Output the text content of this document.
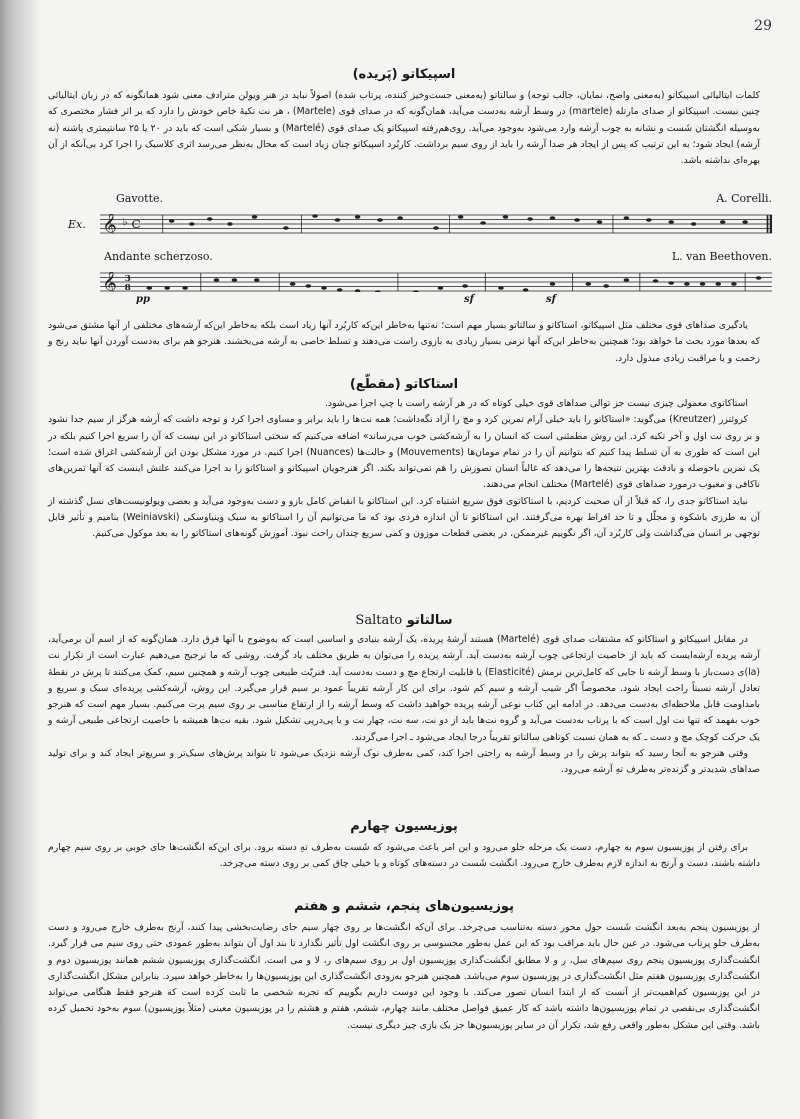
29
اسپیکاتو (پَریده)

کلمات ایتالیائی اسپیکاتو (به‌معنی واضح، نمایان، جالب توجه) و سالتاتو (به‌معنی جست‌وخیز کننده، پرتاب شده) اصولاً نباید در هنر ویولن مترادف معنی شود همانگونه که در زبان ایتالیائی چنین نیست. اسپیکاتو از صدای مارتله (martele) در وسط آرشه به‌دست می‌آید، همان‌گونه که در صدای قوی (Martele) ، هر نت تکیهٔ خاص خودش را دارد که بر اثر فشار مختصری که به‌وسیله انگشتان شَست و نشانه به چوب آرشه وارد می‌شود به‌وجود می‌آید. روی‌هم‌رفته اسپیکاتو یک صدای قوی (Martelé) و بسیار شکی است که باید در ۲۰ یا ۲۵ سانتیمتری پاشنه (نه آرشه) ایجاد شود؛ به این ترتیب که پس از ایجاد هر صدا آرشه را باید از روی سیم برداشت. کاربُرد اسپیکاتو چنان زیاد است که محال به‌نظر می‌رسد اثری کلاسیک را اجرا کرد بی‌آنکه از آن بهره‌ای نداشته باشد.

Gavotte.	A. Corelli.
Ex. 𝄞 ♭ C
Andante scherzoso.	L. van Beethoven.
𝄞 3
8
pp	sf	sf

یادگیری صداهای قوی مختلف مثل اسپیکاتو، استاکاتو و سالتاتو بسیار مهم است؛ نه‌تنها به‌خاطر این‌که کاربُرد آنها زیاد است بلکه به‌خاطر این‌که آرشه‌های مختلفی از آنها مشتق می‌شود که بعدها مورد بحث ما خواهد بود؛ همچنین به‌خاطر این‌که آنها نرمی بسیار زیادی به بازوی راست می‌دهند و تسلط خاصی به آرشه می‌بخشند. هنرجو هم برای به‌دست آوردن آنها نباید رنج و زحمت و یا مراقبت زیادی مبذول دارد.

استاکاتو (مقطّع)

استاکاتوی معمولی چیزی نیست جز توالی صداهای قوی خیلی کوتاه که در هر آرشه راست یا چپ اجرا می‌شود.

کروئتزر (Kreutzer) می‌گوید: «استاکاتو را باید خیلی آرام تمرین کرد و مچ را آزاد نگه‌داشت؛ همه نت‌ها را باید برابر و مساوی اجرا کرد و توجه داشت که آرشه هرگز از سیم جدا نشود و بر روی نت اول و آخر تکیه کرد. این روش مطمئنی است که انسان را به آرشه‌کشی خوب می‌رساند» اضافه می‌کنیم که سختی استاکاتو در این نیست که آن را سریع اجرا کنیم بلکه در این است که طوری به آن تسلط پیدا کنیم که بتوانیم آن را در تمام مومان‌ها (Mouvements) و حالت‌ها (Nuances) اجرا کنیم. در مورد مشکل بودن این آرشه‌کشی اغراق شده است؛ یک تمرین باحوصله و بادقت بهترین نتیجه‌ها را می‌دهد که غالباً انسان تصورش را هم نمی‌تواند بکند. اگر هنرجویان اسپیکاتو و استاکاتو را بد اجرا می‌کنند علتش اینست که آنها تمرین‌های ناکافی و معیوب درمورد صداهای قوی (Martelé) مختلف انجام می‌دهند.

نباید استاکاتو جدی را، که قبلاً از آن صحبت کردیم، با استاکاتوی فوق سریع اشتباه کرد. این استاکاتو با انقباض کامل بازو و دست به‌وجود می‌آید و بعضی ویولونیست‌های نسل گذشته از آن به طرزی باشکوه و مجلّل و تا حد افراط بهره می‌گرفتند. این استاکاتو تا آن اندازه فردی بود که ما می‌توانیم آن را استاکاتو به سبک وینیاوسکی (Weiniavski) بنامیم و تأثیر قابل توجهی بر انسان می‌گذاشت ولی کاربُرد آن، اگر نگوییم غیرممکن، در بعضی قطعات موزون و کمی سریع چندان راحت نبود. آموزش گونه‌های استاکاتو را به بعد موکول می‌کنیم.

سالتاتو Saltato

در مقابل اسپیکاتو و استاکاتو که مشتقات صدای قوی (Martelé) هستند آرشهٔ پریده، یک آرشه بنیادی و اساسی است که به‌وضوح با آنها فرق دارد. همان‌گونه که از اسم آن برمی‌آید، آرشه پریده آرشه‌ایست که باید از خاصیت ارتجاعی چوب آرشه به‌دست آید. آرشه پریده را می‌توان به طریق مختلف یاد گرفت. روشی که ما ترجیح می‌دهیم عبارت است از تکرار نت (la)ی دست‌باز با وسط آرشه تا جایی که کامل‌ترین نرمش (Elasticité) یا قابلیت ارتجاع مچ و دست به‌دست آید. فنریّت طبیعی چوب آرشه و همچنین سیم، کمک می‌کنند تا پرش در نقطهٔ تعادل آرشه نسبتاً راحت ایجاد شود. مخصوصاً اگر شیب آرشه و سیم کم شود. برای این کار آرشه تقریباً عمود بر سیم قرار می‌گیرد. این روش، آرشه‌کشی پریده‌ای سبک و سریع و بامداومت قابل ملاحظه‌ای به‌دست می‌دهد. در ادامه این کتاب نوعی آرشه پریده خواهید داشت که وسط آرشه را از ارتفاع مناسبی بر روی سیم پرت می‌کنیم. بسیار مهم است که هنرجو خوب بفهمد که تنها نت اول است که با پرتاب به‌دست می‌آید و گروه نت‌ها باید از دو نت، سه نت، چهار نت و یا پی‌درپی تشکیل شود. بقیه نت‌ها همیشه با خاصیت ارتجاعی طبیعی آرشه و یک حرکت کوچک مچ و دست ـ که به همان نسبت کوتاهی سالتاتو تقریباً درجا ایجاد می‌شود ـ اجرا می‌گردند.

وقتی هنرجو به آنجا رسید که بتواند پرش را در وسط آرشه به راحتی اجرا کند، کمی به‌طرف نوک آرشه نزدیک می‌شود تا بتواند پرش‌های سبک‌تر و سریع‌تر ایجاد کند و برای تولید صداهای شدیدتر و گزنده‌تر به‌طرف تهِ آرشه می‌رود.

پوزیسیون چهارم

برای رفتن از پوزیسیون سوم به چهارم، دست یک مرحله جلو می‌رود و این امر باعث می‌شود که شَست به‌طرف تهِ دسته برود. برای این‌که انگشت‌ها جای خوبی بر روی سیم چهارم داشته باشند، دست و آرنج به اندازه لازم به‌طرف خارج می‌رود. انگشت شَست در دسته‌های کوتاه و یا خیلی چاق کمی بر روی دسته می‌چرخد.

پوزیسیون‌های پنجم، ششم و هفتم

از پوزیسیون پنجم به‌بعد انگشت شَست حول محور دسته به‌تناسب می‌چرخد. برای آن‌که انگشت‌ها بر روی چهار سیم جای رضایت‌بخشی پیدا کنند، آرنج به‌طرف خارج می‌رود و دست به‌طرف جلو پرتاب می‌شود. در عین حال باید مراقب بود که این عمل به‌طور محسوسی بر روی انگشت اول تأثیر نگذارد تا بند اول آن بتواند به‌طور عمودی حتی روی سیم می قرار گیرد. انگشت‌گذاری پوزیسیون پنجم روی سیم‌های سل، ر و لا مطابق انگشت‌گذاری پوزیسیون اول بر روی سیم‌های ر، لا و می است. انگشت‌گذاری پوزیسیون ششم همانند پوزیسیون دوم و انگشت‌گذاری پوزیسیون هفتم مثل انگشت‌گذاری در پوزیسیون سوم می‌باشد. همچنین هنرجو به‌زودی انگشت‌گذاری این پوزیسیون‌ها را به‌خاطر خواهد سپرد. بنابراین مشکل انگشت‌گذاری در این پوزیسیون کم‌اهمیت‌تر از آنست که از ابتدا انسان تصور می‌کند. با وجود این دوست داریم بگوییم که تجربه شخصی ما ثابت کرده است که هنرجو فقط هنگامی می‌تواند انگشت‌گذاری بی‌نقصی در تمام پوزیسیون‌ها داشته باشد که کار عمیق فواصل مختلف مانند چهارم، ششم، هفتم و هشتم را در پوزیسیون معینی (مثلاً پوزیسیون) سوم به‌خود تحمیل کرده باشد. وقتی این مشکل به‌طور واقعی رفع شد، تکرار آن در سایر پوزیسیون‌ها جز یک بازی چیز دیگری نیست.
